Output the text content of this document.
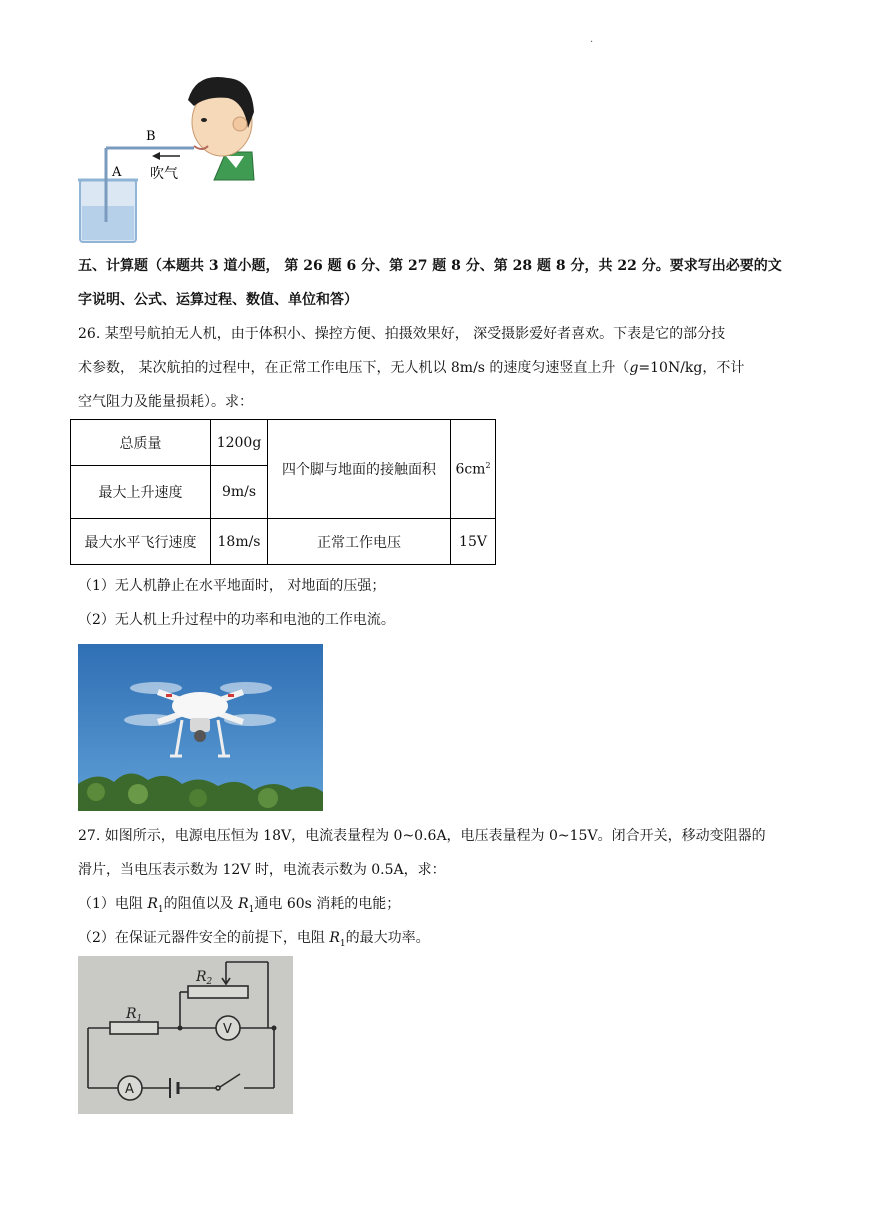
.
B
A 吹气
五、计算题（本题共 3 道小题， 第 26 题 6 分、第 27 题 8 分、第 28 题 8 分，共 22 分。要求写出必要的文
字说明、公式、运算过程、数值、单位和答）
26. 某型号航拍无人机，由于体积小、操控方便、拍摄效果好， 深受摄影爱好者喜欢。下表是它的部分技
术参数， 某次航拍的过程中，在正常工作电压下，无人机以 8m/s 的速度匀速竖直上升（g=10N/kg，不计
空气阻力及能量损耗）。求：
总质量	1200g	四个脚与地面的接触面积	$6cm^2$
最大上升速度	9m/s		
最大水平飞行速度	18m/s	正常工作电压	15V
（1）无人机静止在水平地面时， 对地面的压强；
（2）无人机上升过程中的功率和电池的工作电流。
27. 如图所示，电源电压恒为 18V，电流表量程为 0~0.6A，电压表量程为 0~15V。闭合开关，移动变阻器的
滑片，当电压表示数为 12V 时，电流表示数为 0.5A，求：
（1）电阻 $R_1$的阻值以及 $R_1$通电 60s 消耗的电能；
（2）在保证元器件安全的前提下，电阻 $R_1$的最大功率。
$R_1$
$R_2$
V
A
